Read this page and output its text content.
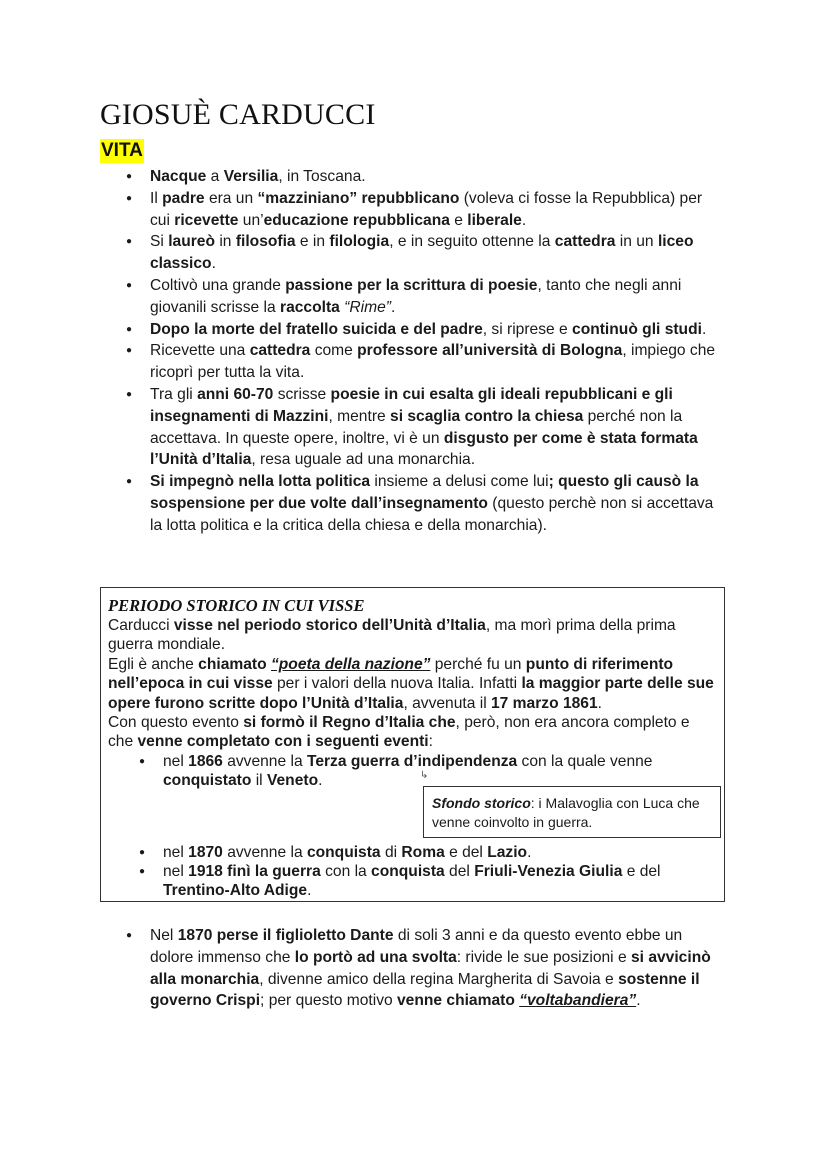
GIOSUÈ CARDUCCI
VITA
● Nacque a Versilia, in Toscana.
● Il padre era un “mazziniano” repubblicano (voleva ci fosse la Repubblica) per cui ricevette un’educazione repubblicana e liberale.
● Si laureò in filosofia e in filologia, e in seguito ottenne la cattedra in un liceo classico.
● Coltivò una grande passione per la scrittura di poesie, tanto che negli anni giovanili scrisse la raccolta “Rime”.
● Dopo la morte del fratello suicida e del padre, si riprese e continuò gli studi.
● Ricevette una cattedra come professore all’università di Bologna, impiego che ricoprì per tutta la vita.
● Tra gli anni 60-70 scrisse poesie in cui esalta gli ideali repubblicani e gli insegnamenti di Mazzini, mentre si scaglia contro la chiesa perché non la accettava. In queste opere, inoltre, vi è un disgusto per come è stata formata l’Unità d’Italia, resa uguale ad una monarchia.
● Si impegnò nella lotta politica insieme a delusi come lui; questo gli causò la sospensione per due volte dall’insegnamento (questo perchè non si accettava la lotta politica e la critica della chiesa e della monarchia).
PERIODO STORICO IN CUI VISSE

Carducci visse nel periodo storico dell’Unità d’Italia, ma morì prima della prima guerra mondiale.

Egli è anche chiamato “poeta della nazione” perché fu un punto di riferimento nell’epoca in cui visse per i valori della nuova Italia. Infatti la maggior parte delle sue opere furono scritte dopo l’Unità d’Italia, avvenuta il 17 marzo 1861.

Con questo evento si formò il Regno d’Italia che, però, non era ancora completo e che venne completato con i seguenti eventi:

● nel 1866 avvenne la Terza guerra d’indipendenza con la quale venne conquistato il Veneto.
● nel 1870 avvenne la conquista di Roma e del Lazio.
● nel 1918 finì la guerra con la conquista del Friuli-Venezia Giulia e del Trentino-Alto Adige.
↳
Sfondo storico: i Malavoglia con Luca che venne coinvolto in guerra.
● Nel 1870 perse il figlioletto Dante di soli 3 anni e da questo evento ebbe un dolore immenso che lo portò ad una svolta: rivide le sue posizioni e si avvicinò alla monarchia, divenne amico della regina Margherita di Savoia e sostenne il governo Crispi; per questo motivo venne chiamato “voltabandiera”.
